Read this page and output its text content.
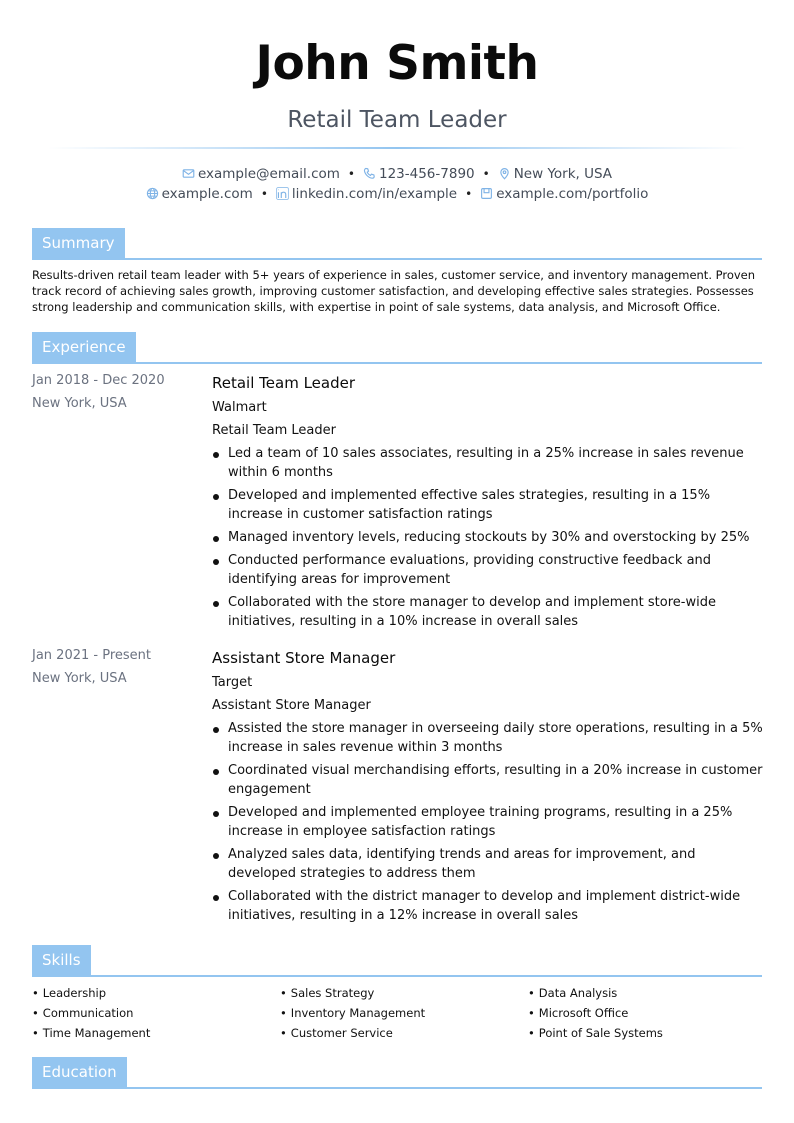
John Smith
Retail Team Leader
example@email.com • 123-456-7890 • New York, USA
example.com • linkedin.com/in/example • example.com/portfolio
Summary
Results-driven retail team leader with 5+ years of experience in sales, customer service, and inventory management. Proven track record of achieving sales growth, improving customer satisfaction, and developing effective sales strategies. Possesses strong leadership and communication skills, with expertise in point of sale systems, data analysis, and Microsoft Office.
Experience
Jan 2018 - Dec 2020
New York, USA
Retail Team Leader
Walmart
Retail Team Leader
Led a team of 10 sales associates, resulting in a 25% increase in sales revenue within 6 months
Developed and implemented effective sales strategies, resulting in a 15% increase in customer satisfaction ratings
Managed inventory levels, reducing stockouts by 30% and overstocking by 25%
Conducted performance evaluations, providing constructive feedback and identifying areas for improvement
Collaborated with the store manager to develop and implement store-wide initiatives, resulting in a 10% increase in overall sales
Jan 2021 - Present
New York, USA
Assistant Store Manager
Target
Assistant Store Manager
Assisted the store manager in overseeing daily store operations, resulting in a 5% increase in sales revenue within 3 months
Coordinated visual merchandising efforts, resulting in a 20% increase in customer engagement
Developed and implemented employee training programs, resulting in a 25% increase in employee satisfaction ratings
Analyzed sales data, identifying trends and areas for improvement, and developed strategies to address them
Collaborated with the district manager to develop and implement district-wide initiatives, resulting in a 12% increase in overall sales
Skills
• Leadership	• Sales Strategy	• Data Analysis
• Communication	• Inventory Management	• Microsoft Office
• Time Management	• Customer Service	• Point of Sale Systems
Education
